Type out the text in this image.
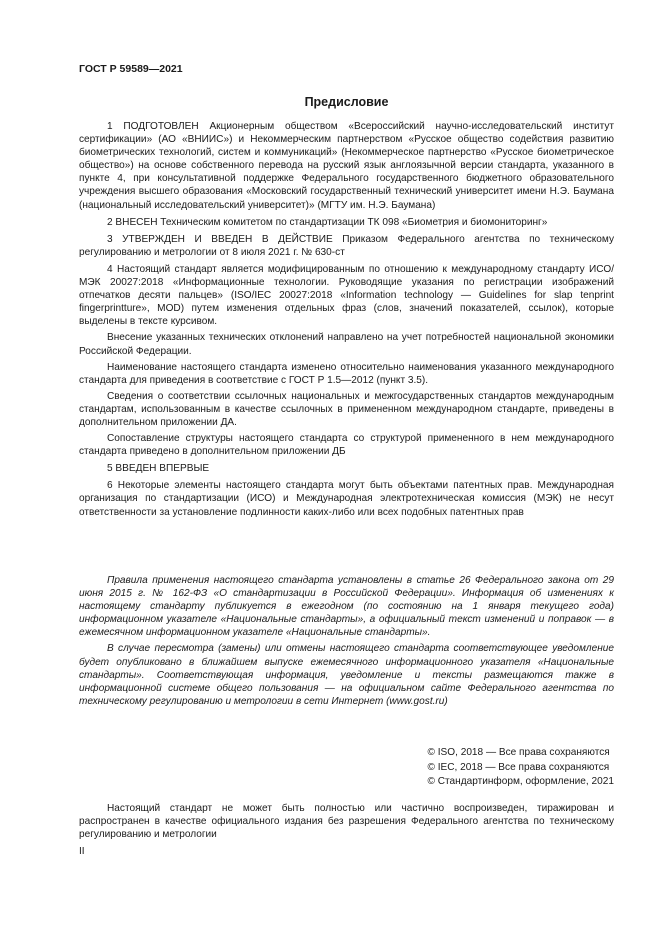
ГОСТ Р 59589—2021

Предисловие

1 ПОДГОТОВЛЕН Акционерным обществом «Всероссийский научно-исследовательский институт сертификации» (АО «ВНИИС») и Некоммерческим партнерством «Русское общество содействия развитию биометрических технологий, систем и коммуникаций» (Некоммерческое партнерство «Русское биометрическое общество») на основе собственного перевода на русский язык англоязычной версии стандарта, указанного в пункте 4, при консультативной поддержке Федерального государственного бюджетного образовательного учреждения высшего образования «Московский государственный технический университет имени Н.Э. Баумана (национальный исследовательский университет)» (МГТУ им. Н.Э. Баумана)

2 ВНЕСЕН Техническим комитетом по стандартизации ТК 098 «Биометрия и биомониторинг»

3 УТВЕРЖДЕН И ВВЕДЕН В ДЕЙСТВИЕ Приказом Федерального агентства по техническому регулированию и метрологии от 8 июля 2021 г. № 630-ст

4 Настоящий стандарт является модифицированным по отношению к международному стандарту ИСО/МЭК 20027:2018 «Информационные технологии. Руководящие указания по регистрации изображений отпечатков десяти пальцев» (ISO/IEC 20027:2018 «Information technology — Guidelines for slap tenprint fingerprintture», MOD) путем изменения отдельных фраз (слов, значений показателей, ссылок), которые выделены в тексте курсивом.

Внесение указанных технических отклонений направлено на учет потребностей национальной экономики Российской Федерации.

Наименование настоящего стандарта изменено относительно наименования указанного международного стандарта для приведения в соответствие с ГОСТ Р 1.5—2012 (пункт 3.5).

Сведения о соответствии ссылочных национальных и межгосударственных стандартов международным стандартам, использованным в качестве ссылочных в примененном международном стандарте, приведены в дополнительном приложении ДА.

Сопоставление структуры настоящего стандарта со структурой примененного в нем международного стандарта приведено в дополнительном приложении ДБ

5 ВВЕДЕН ВПЕРВЫЕ

6 Некоторые элементы настоящего стандарта могут быть объектами патентных прав. Международная организация по стандартизации (ИСО) и Международная электротехническая комиссия (МЭК) не несут ответственности за установление подлинности каких-либо или всех подобных патентных прав

Правила применения настоящего стандарта установлены в статье 26 Федерального закона от 29 июня 2015 г. № 162-ФЗ «О стандартизации в Российской Федерации». Информация об изменениях к настоящему стандарту публикуется в ежегодном (по состоянию на 1 января текущего года) информационном указателе «Национальные стандарты», а официальный текст изменений и поправок — в ежемесячном информационном указателе «Национальные стандарты».

В случае пересмотра (замены) или отмены настоящего стандарта соответствующее уведомление будет опубликовано в ближайшем выпуске ежемесячного информационного указателя «Национальные стандарты». Соответствующая информация, уведомление и тексты размещаются также в информационной системе общего пользования — на официальном сайте Федерального агентства по техническому регулированию и метрологии в сети Интернет (www.gost.ru)

© ISO, 2018 — Все права сохраняются
© IEC, 2018 — Все права сохраняются
© Стандартинформ, оформление, 2021

Настоящий стандарт не может быть полностью или частично воспроизведен, тиражирован и распространен в качестве официального издания без разрешения Федерального агентства по техническому регулированию и метрологии

II
